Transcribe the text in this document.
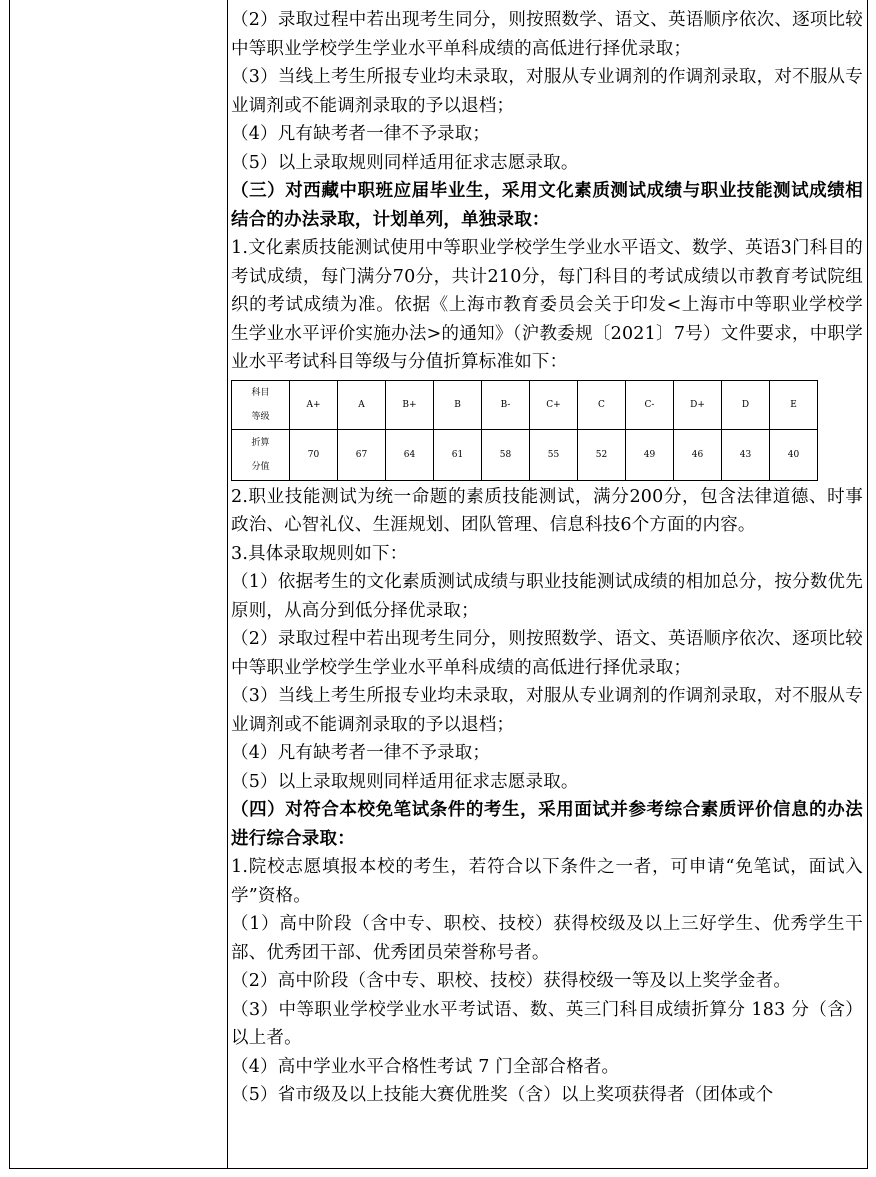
（2）录取过程中若出现考生同分，则按照数学、语文、英语顺序依次、逐项比较中等职业学校学生学业水平单科成绩的高低进行择优录取；

（3）当线上考生所报专业均未录取，对服从专业调剂的作调剂录取，对不服从专业调剂或不能调剂录取的予以退档；

（4）凡有缺考者一律不予录取；

（5）以上录取规则同样适用征求志愿录取。

（三）对西藏中职班应届毕业生，采用文化素质测试成绩与职业技能测试成绩相结合的办法录取，计划单列，单独录取：

1.文化素质技能测试使用中等职业学校学生学业水平语文、数学、英语3门科目的考试成绩，每门满分70分，共计210分，每门科目的考试成绩以市教育考试院组织的考试成绩为准。依据《上海市教育委员会关于印发<上海市中等职业学校学生学业水平评价实施办法>的通知》（沪教委规〔2021〕7号）文件要求，中职学业水平考试科目等级与分值折算标准如下：

科目
等级	A+	A	B+	B	B-	C+	C	C-	D+	D	E

折算
分值	70	67	64	61	58	55	52	49	46	43	40

2.职业技能测试为统一命题的素质技能测试，满分200分，包含法律道德、时事政治、心智礼仪、生涯规划、团队管理、信息科技6个方面的内容。

3.具体录取规则如下：

（1）依据考生的文化素质测试成绩与职业技能测试成绩的相加总分，按分数优先原则，从高分到低分择优录取；

（2）录取过程中若出现考生同分，则按照数学、语文、英语顺序依次、逐项比较中等职业学校学生学业水平单科成绩的高低进行择优录取；

（3）当线上考生所报专业均未录取，对服从专业调剂的作调剂录取，对不服从专业调剂或不能调剂录取的予以退档；

（4）凡有缺考者一律不予录取；

（5）以上录取规则同样适用征求志愿录取。

（四）对符合本校免笔试条件的考生，采用面试并参考综合素质评价信息的办法进行综合录取：

1.院校志愿填报本校的考生，若符合以下条件之一者，可申请“免笔试，面试入学”资格。

（1）高中阶段（含中专、职校、技校）获得校级及以上三好学生、优秀学生干部、优秀团干部、优秀团员荣誉称号者。

（2）高中阶段（含中专、职校、技校）获得校级一等及以上奖学金者。

（3）中等职业学校学业水平考试语、数、英三门科目成绩折算分 183 分（含）以上者。

（4）高中学业水平合格性考试 7 门全部合格者。

（5）省市级及以上技能大赛优胜奖（含）以上奖项获得者（团体或个
